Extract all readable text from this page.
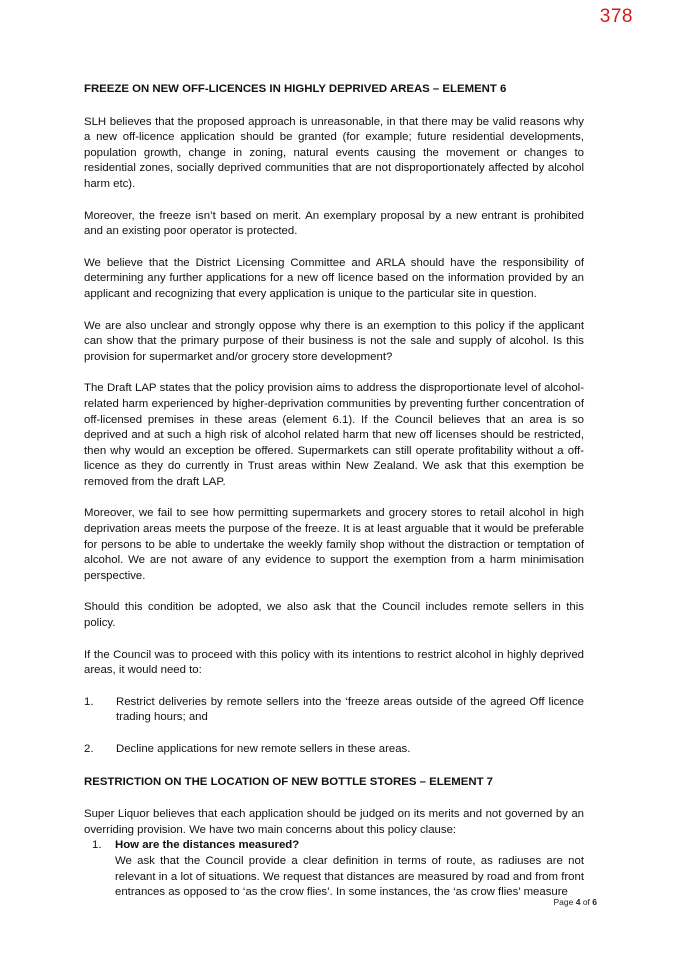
378

FREEZE ON NEW OFF-LICENCES IN HIGHLY DEPRIVED AREAS – ELEMENT 6

SLH believes that the proposed approach is unreasonable, in that there may be valid reasons why a new off-licence application should be granted (for example; future residential developments, population growth, change in zoning, natural events causing the movement or changes to residential zones, socially deprived communities that are not disproportionately affected by alcohol harm etc).

Moreover, the freeze isn’t based on merit. An exemplary proposal by a new entrant is prohibited and an existing poor operator is protected.

We believe that the District Licensing Committee and ARLA should have the responsibility of determining any further applications for a new off licence based on the information provided by an applicant and recognizing that every application is unique to the particular site in question.

We are also unclear and strongly oppose why there is an exemption to this policy if the applicant can show that the primary purpose of their business is not the sale and supply of alcohol. Is this provision for supermarket and/or grocery store development?

The Draft LAP states that the policy provision aims to address the disproportionate level of alcohol-related harm experienced by higher-deprivation communities by preventing further concentration of off-licensed premises in these areas (element 6.1). If the Council believes that an area is so deprived and at such a high risk of alcohol related harm that new off licenses should be restricted, then why would an exception be offered. Supermarkets can still operate profitability without a off-licence as they do currently in Trust areas within New Zealand. We ask that this exemption be removed from the draft LAP.

Moreover, we fail to see how permitting supermarkets and grocery stores to retail alcohol in high deprivation areas meets the purpose of the freeze. It is at least arguable that it would be preferable for persons to be able to undertake the weekly family shop without the distraction or temptation of alcohol. We are not aware of any evidence to support the exemption from a harm minimisation perspective.

Should this condition be adopted, we also ask that the Council includes remote sellers in this policy.

If the Council was to proceed with this policy with its intentions to restrict alcohol in highly deprived areas, it would need to:

1.	Restrict deliveries by remote sellers into the ‘freeze areas outside of the agreed Off licence trading hours; and
2.	Decline applications for new remote sellers in these areas.

RESTRICTION ON THE LOCATION OF NEW BOTTLE STORES – ELEMENT 7

Super Liquor believes that each application should be judged on its merits and not governed by an overriding provision. We have two main concerns about this policy clause:

1.	How are the distances measured?
We ask that the Council provide a clear definition in terms of route, as radiuses are not relevant in a lot of situations. We request that distances are measured by road and from front entrances as opposed to ‘as the crow flies’. In some instances, the ‘as crow flies’ measure
Page 4 of 6
